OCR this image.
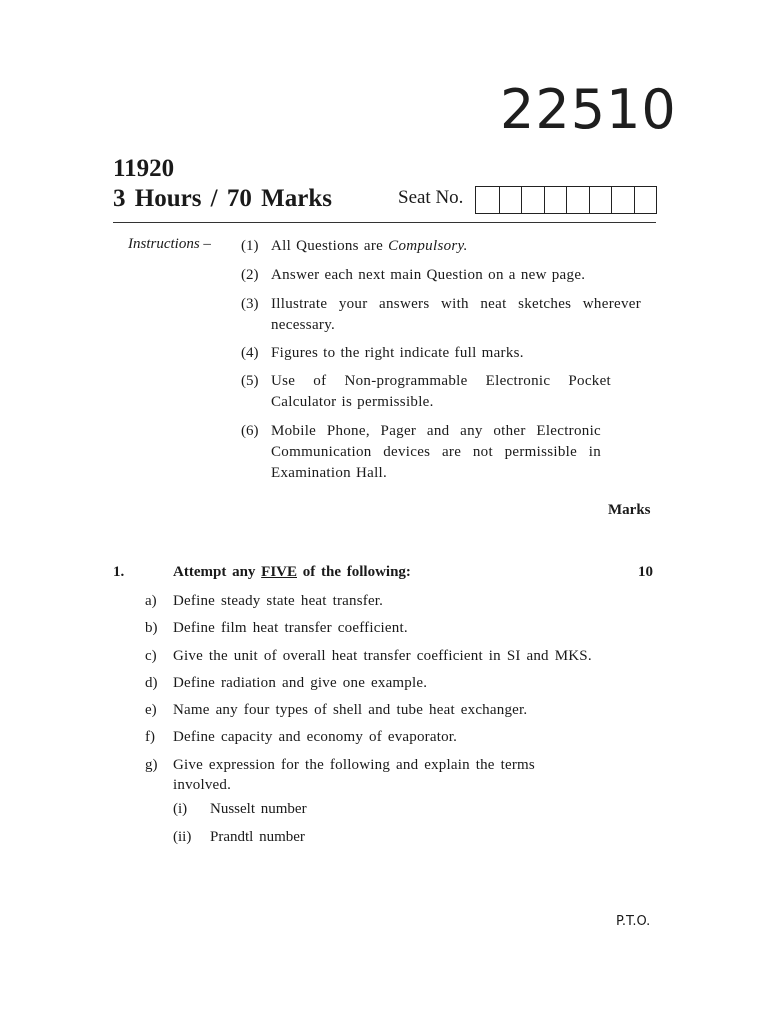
22510
11920
3 Hours / 70 Marks	Seat No.
Instructions – (1) All Questions are Compulsory.
(2) Answer each next main Question on a new page.
(3) Illustrate your answers with neat sketches wherever necessary.
(4) Figures to the right indicate full marks.
(5) Use of Non-programmable Electronic Pocket Calculator is permissible.
(6) Mobile Phone, Pager and any other Electronic Communication devices are not permissible in Examination Hall.
Marks
1.	Attempt any FIVE of the following:	10
a) Define steady state heat transfer.
b) Define film heat transfer coefficient.
c) Give the unit of overall heat transfer coefficient in SI and MKS.
d) Define radiation and give one example.
e) Name any four types of shell and tube heat exchanger.
f) Define capacity and economy of evaporator.
g) Give expression for the following and explain the terms involved.
(i) Nusselt number
(ii) Prandtl number
P.T.O.
